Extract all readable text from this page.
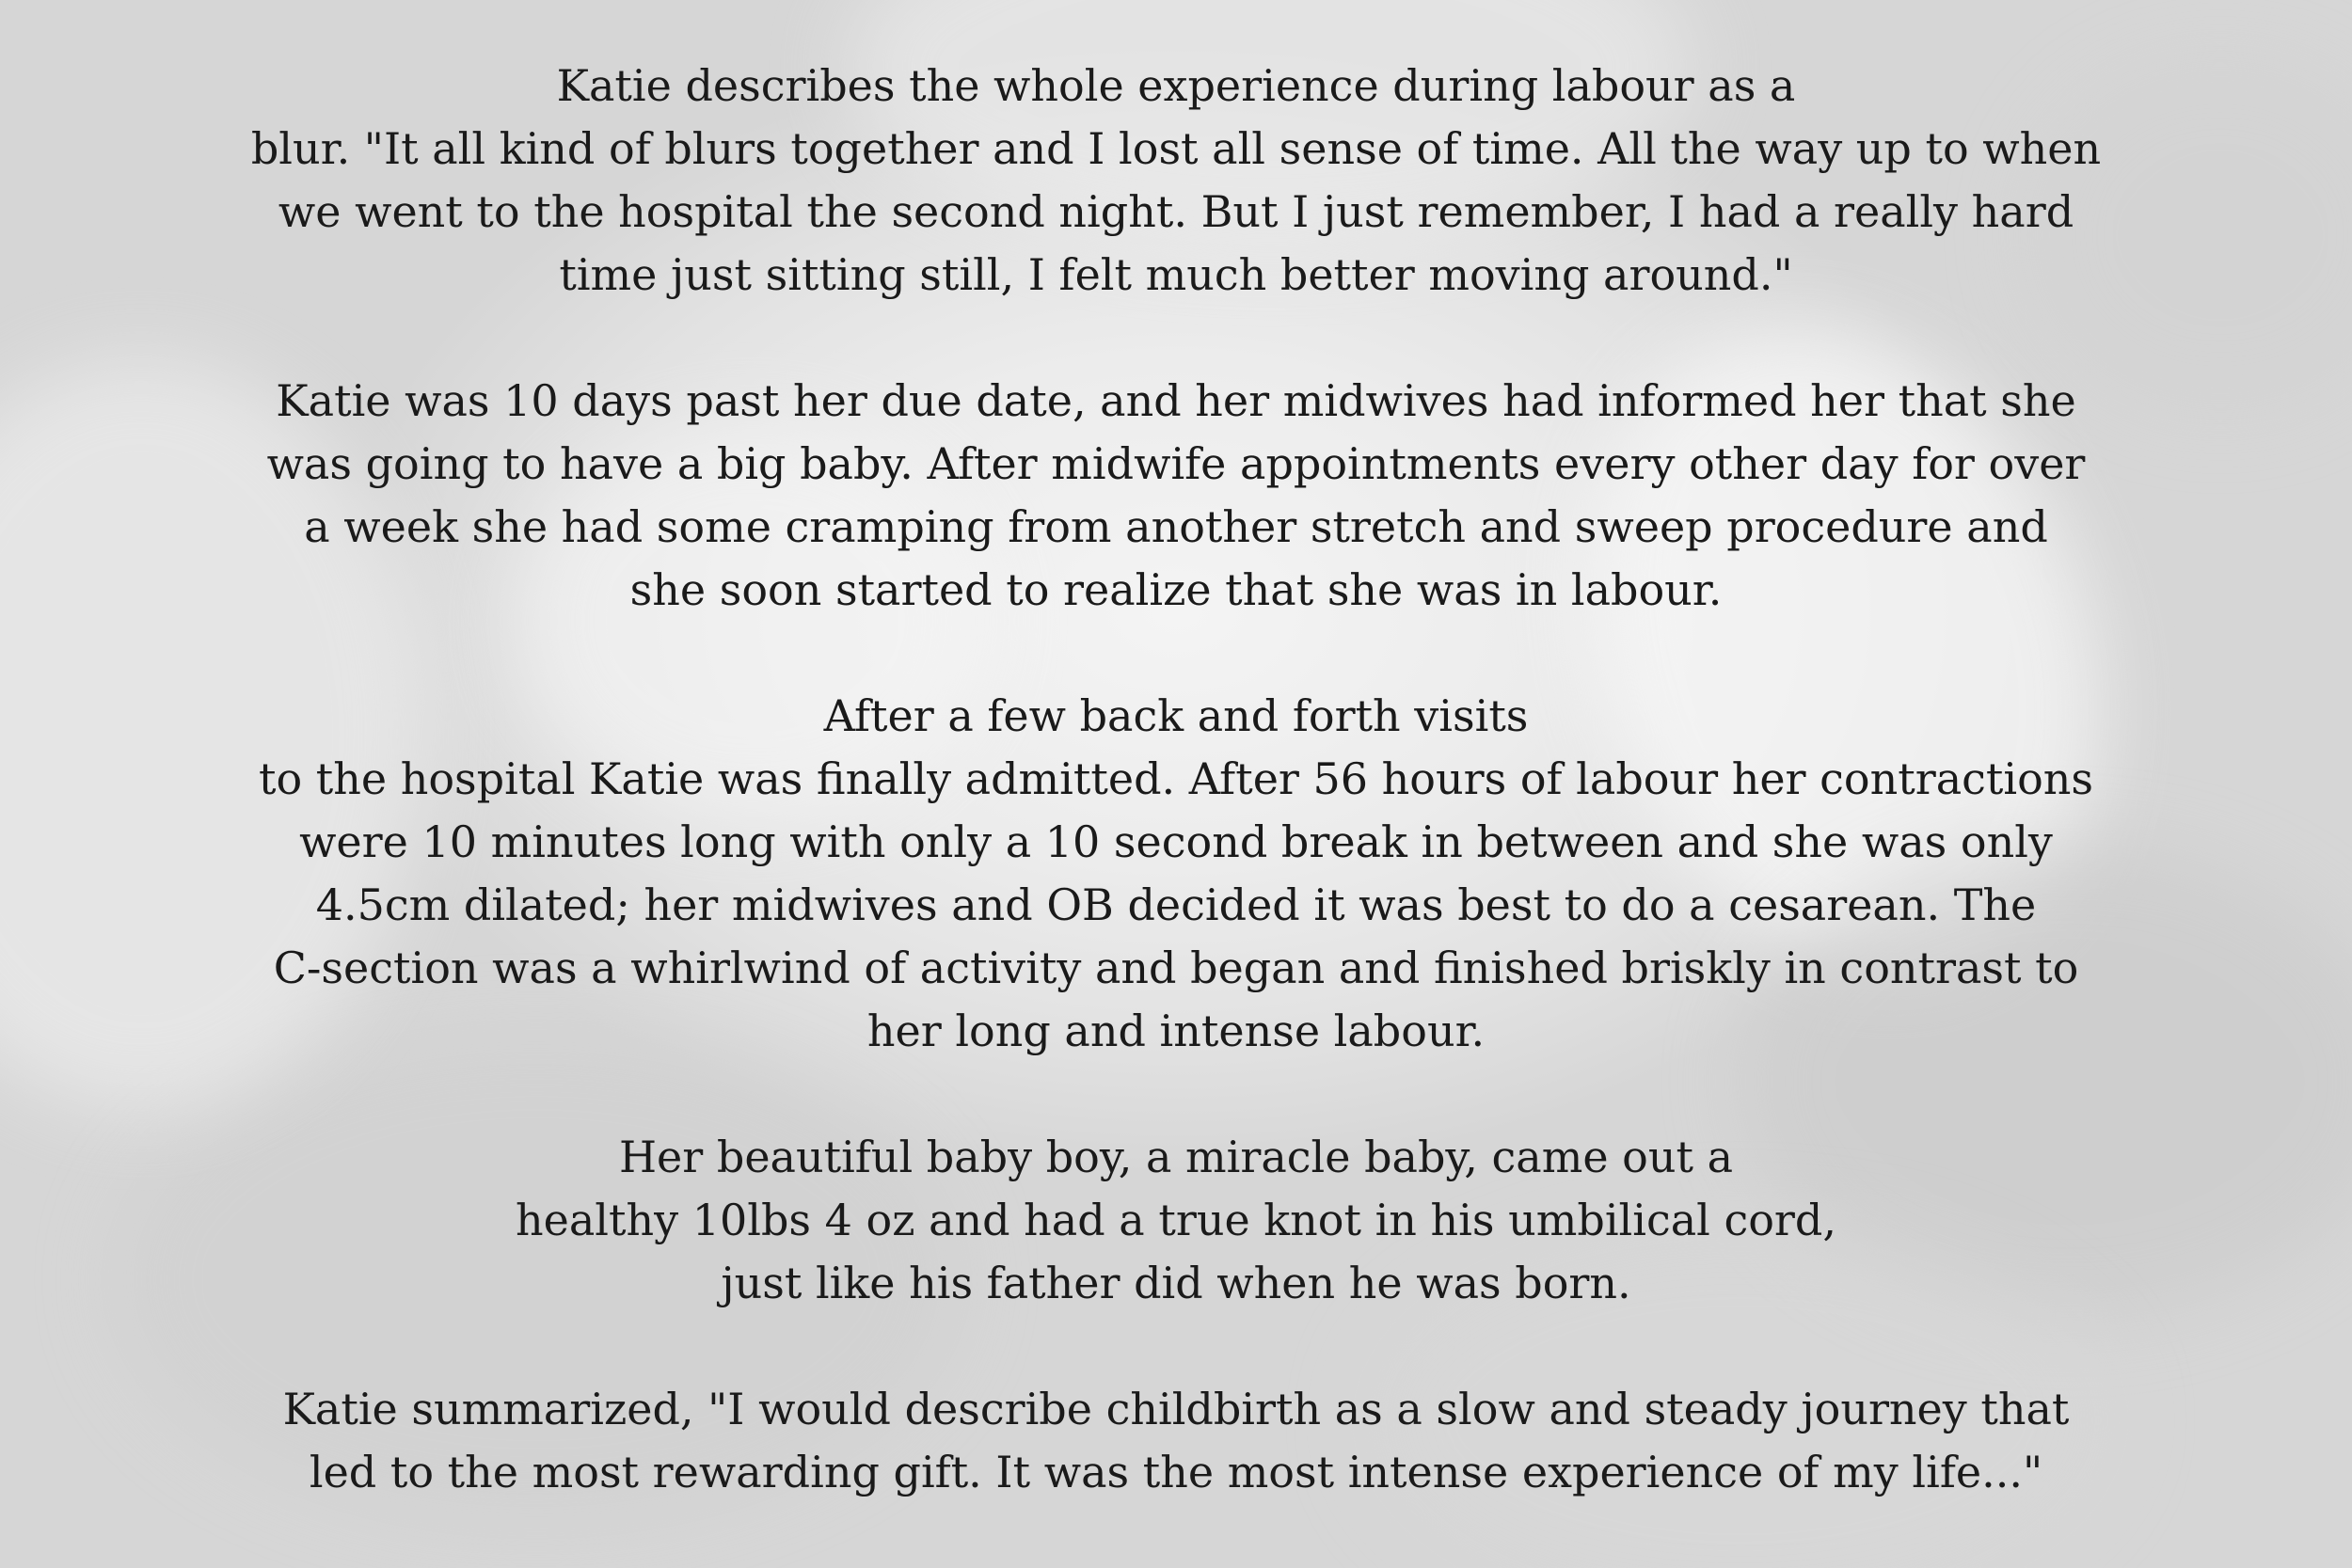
Katie describes the whole experience during labour as a
blur. "It all kind of blurs together and I lost all sense of time. All the way up to when
we went to the hospital the second night. But I just remember, I had a really hard
time just sitting still, I felt much better moving around."

Katie was 10 days past her due date, and her midwives had informed her that she
was going to have a big baby. After midwife appointments every other day for over
a week she had some cramping from another stretch and sweep procedure and
she soon started to realize that she was in labour.

After a few back and forth visits
to the hospital Katie was finally admitted. After 56 hours of labour her contractions
were 10 minutes long with only a 10 second break in between and she was only
4.5cm dilated; her midwives and OB decided it was best to do a cesarean. The
C-section was a whirlwind of activity and began and finished briskly in contrast to
her long and intense labour.

Her beautiful baby boy, a miracle baby, came out a
healthy 10lbs 4 oz and had a true knot in his umbilical cord,
just like his father did when he was born.

Katie summarized, "I would describe childbirth as a slow and steady journey that
led to the most rewarding gift. It was the most intense experience of my life..."
